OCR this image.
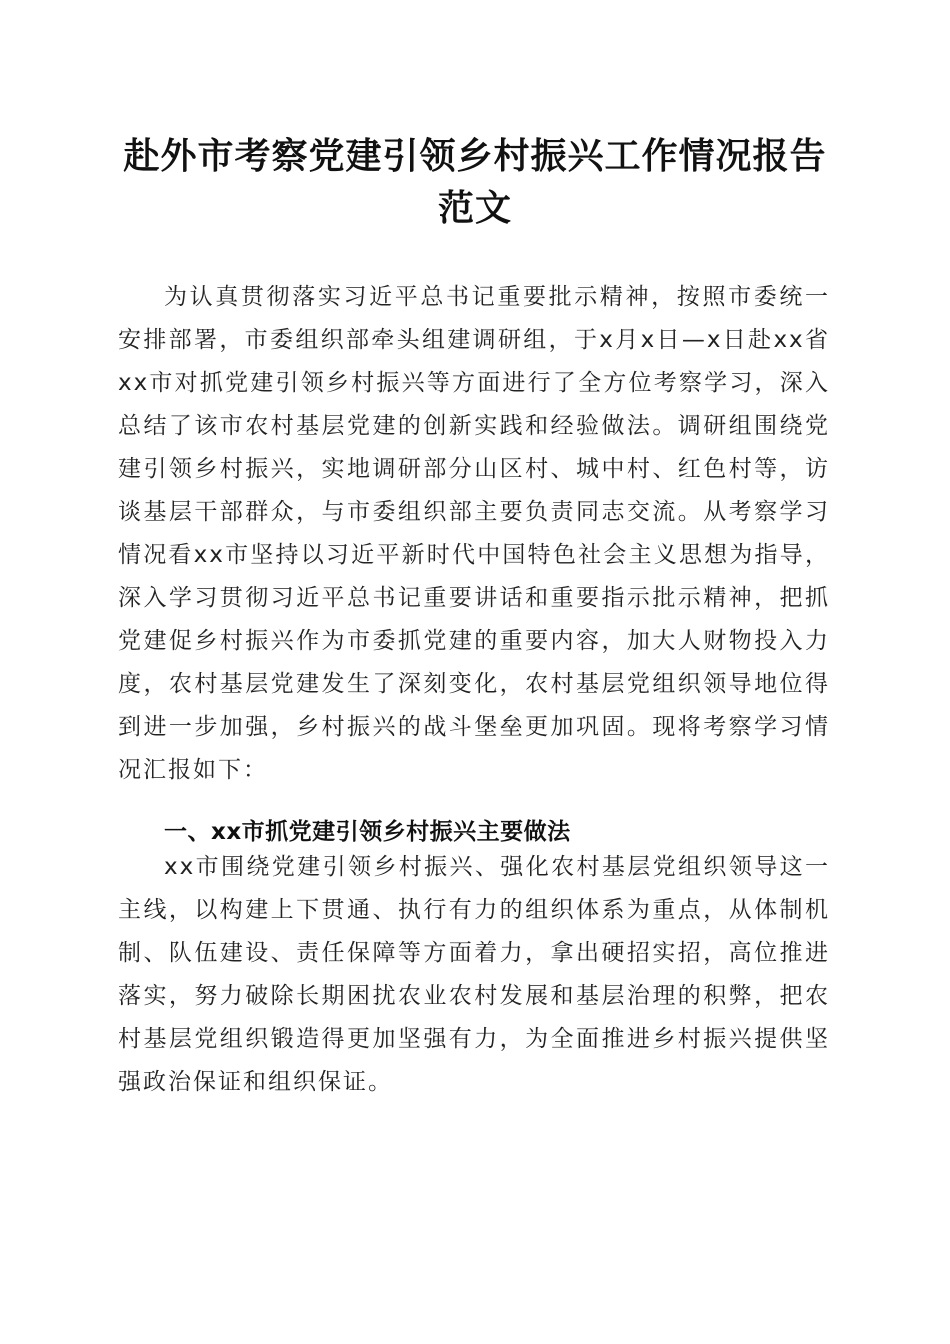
赴外市考察党建引领乡村振兴工作情况报告范文

为认真贯彻落实习近平总书记重要批示精神，按照市委统一安排部署，市委组织部牵头组建调研组，于x月x日—x日赴xx省xx市对抓党建引领乡村振兴等方面进行了全方位考察学习，深入总结了该市农村基层党建的创新实践和经验做法。调研组围绕党建引领乡村振兴，实地调研部分山区村、城中村、红色村等，访谈基层干部群众，与市委组织部主要负责同志交流。从考察学习情况看xx市坚持以习近平新时代中国特色社会主义思想为指导，深入学习贯彻习近平总书记重要讲话和重要指示批示精神，把抓党建促乡村振兴作为市委抓党建的重要内容，加大人财物投入力度，农村基层党建发生了深刻变化，农村基层党组织领导地位得到进一步加强，乡村振兴的战斗堡垒更加巩固。现将考察学习情况汇报如下：

一、xx市抓党建引领乡村振兴主要做法

xx市围绕党建引领乡村振兴、强化农村基层党组织领导这一主线，以构建上下贯通、执行有力的组织体系为重点，从体制机制、队伍建设、责任保障等方面着力，拿出硬招实招，高位推进落实，努力破除长期困扰农业农村发展和基层治理的积弊，把农村基层党组织锻造得更加坚强有力，为全面推进乡村振兴提供坚强政治保证和组织保证。
